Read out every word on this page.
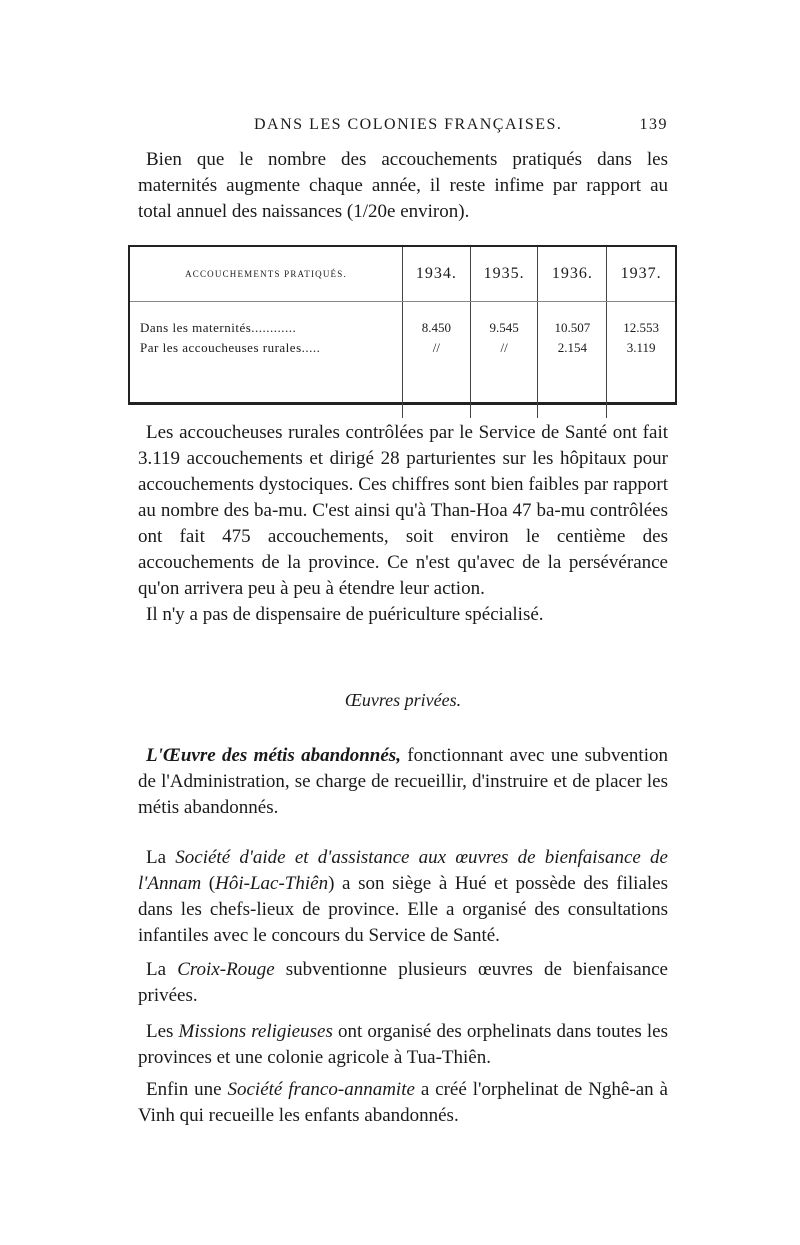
DANS LES COLONIES FRANÇAISES.	139

Bien que le nombre des accouchements pratiqués dans les maternités augmente chaque année, il reste infime par rapport au total annuel des naissances (1/20e environ).

ACCOUCHEMENTS PRATIQUÉS.	1934.	1935.	1936.	1937.
Dans les maternités............	8.450	9.545	10.507	12.553
Par les accoucheuses rurales.....	//	//	2.154	3.119

Les accoucheuses rurales contrôlées par le Service de Santé ont fait 3.119 accouchements et dirigé 28 parturientes sur les hôpitaux pour accouchements dystociques. Ces chiffres sont bien faibles par rapport au nombre des ba-mu. C'est ainsi qu'à Than-Hoa 47 ba-mu contrôlées ont fait 475 accouchements, soit environ le centième des accouchements de la province. Ce n'est qu'avec de la persévérance qu'on arrivera peu à peu à étendre leur action.

Il n'y a pas de dispensaire de puériculture spécialisé.

Œuvres privées.

L'Œuvre des métis abandonnés, fonctionnant avec une subvention de l'Administration, se charge de recueillir, d'instruire et de placer les métis abandonnés.

La Société d'aide et d'assistance aux œuvres de bienfaisance de l'Annam (Hôi-Lac-Thiên) a son siège à Hué et possède des filiales dans les chefs-lieux de province. Elle a organisé des consultations infantiles avec le concours du Service de Santé.

La Croix-Rouge subventionne plusieurs œuvres de bienfaisance privées.

Les Missions religieuses ont organisé des orphelinats dans toutes les provinces et une colonie agricole à Tua-Thiên.

Enfin une Société franco-annamite a créé l'orphelinat de Nghê-an à Vinh qui recueille les enfants abandonnés.
